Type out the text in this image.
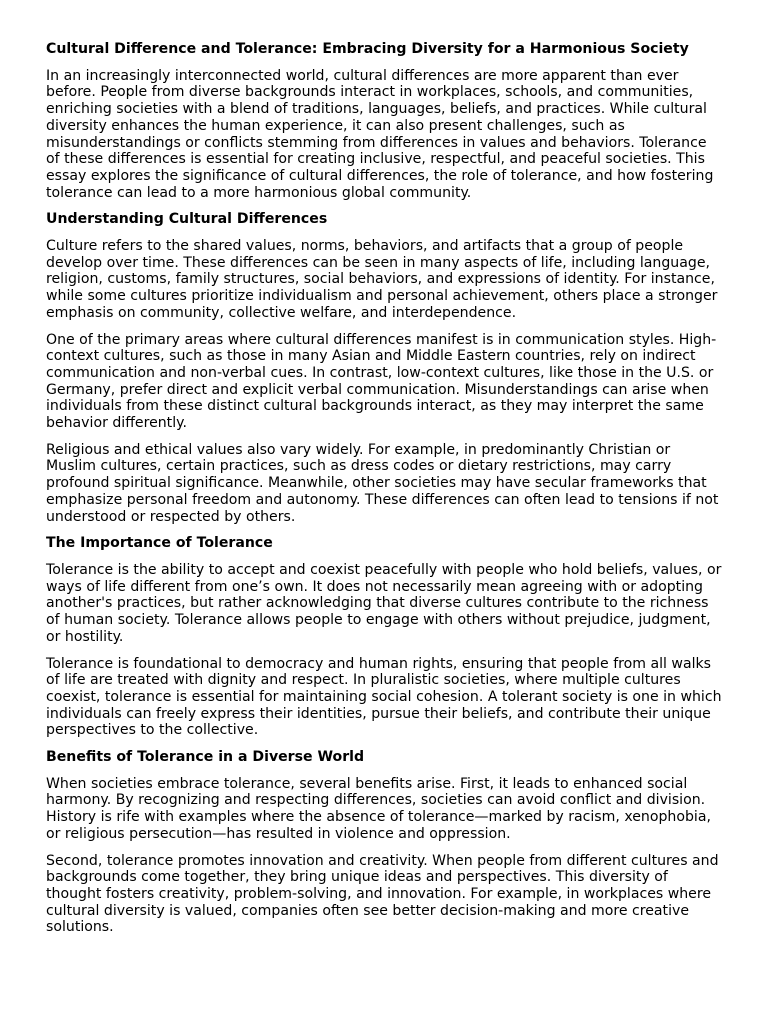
Cultural Difference and Tolerance: Embracing Diversity for a Harmonious Society

In an increasingly interconnected world, cultural differences are more apparent than ever before. People from diverse backgrounds interact in workplaces, schools, and communities, enriching societies with a blend of traditions, languages, beliefs, and practices. While cultural diversity enhances the human experience, it can also present challenges, such as misunderstandings or conflicts stemming from differences in values and behaviors. Tolerance of these differences is essential for creating inclusive, respectful, and peaceful societies. This essay explores the significance of cultural differences, the role of tolerance, and how fostering tolerance can lead to a more harmonious global community.

Understanding Cultural Differences

Culture refers to the shared values, norms, behaviors, and artifacts that a group of people develop over time. These differences can be seen in many aspects of life, including language, religion, customs, family structures, social behaviors, and expressions of identity. For instance, while some cultures prioritize individualism and personal achievement, others place a stronger emphasis on community, collective welfare, and interdependence.

One of the primary areas where cultural differences manifest is in communication styles. High-context cultures, such as those in many Asian and Middle Eastern countries, rely on indirect communication and non-verbal cues. In contrast, low-context cultures, like those in the U.S. or Germany, prefer direct and explicit verbal communication. Misunderstandings can arise when individuals from these distinct cultural backgrounds interact, as they may interpret the same behavior differently.

Religious and ethical values also vary widely. For example, in predominantly Christian or Muslim cultures, certain practices, such as dress codes or dietary restrictions, may carry profound spiritual significance. Meanwhile, other societies may have secular frameworks that emphasize personal freedom and autonomy. These differences can often lead to tensions if not understood or respected by others.

The Importance of Tolerance

Tolerance is the ability to accept and coexist peacefully with people who hold beliefs, values, or ways of life different from one’s own. It does not necessarily mean agreeing with or adopting another's practices, but rather acknowledging that diverse cultures contribute to the richness of human society. Tolerance allows people to engage with others without prejudice, judgment, or hostility.

Tolerance is foundational to democracy and human rights, ensuring that people from all walks of life are treated with dignity and respect. In pluralistic societies, where multiple cultures coexist, tolerance is essential for maintaining social cohesion. A tolerant society is one in which individuals can freely express their identities, pursue their beliefs, and contribute their unique perspectives to the collective.

Benefits of Tolerance in a Diverse World

When societies embrace tolerance, several benefits arise. First, it leads to enhanced social harmony. By recognizing and respecting differences, societies can avoid conflict and division. History is rife with examples where the absence of tolerance—marked by racism, xenophobia, or religious persecution—has resulted in violence and oppression.

Second, tolerance promotes innovation and creativity. When people from different cultures and backgrounds come together, they bring unique ideas and perspectives. This diversity of thought fosters creativity, problem-solving, and innovation. For example, in workplaces where cultural diversity is valued, companies often see better decision-making and more creative solutions.
